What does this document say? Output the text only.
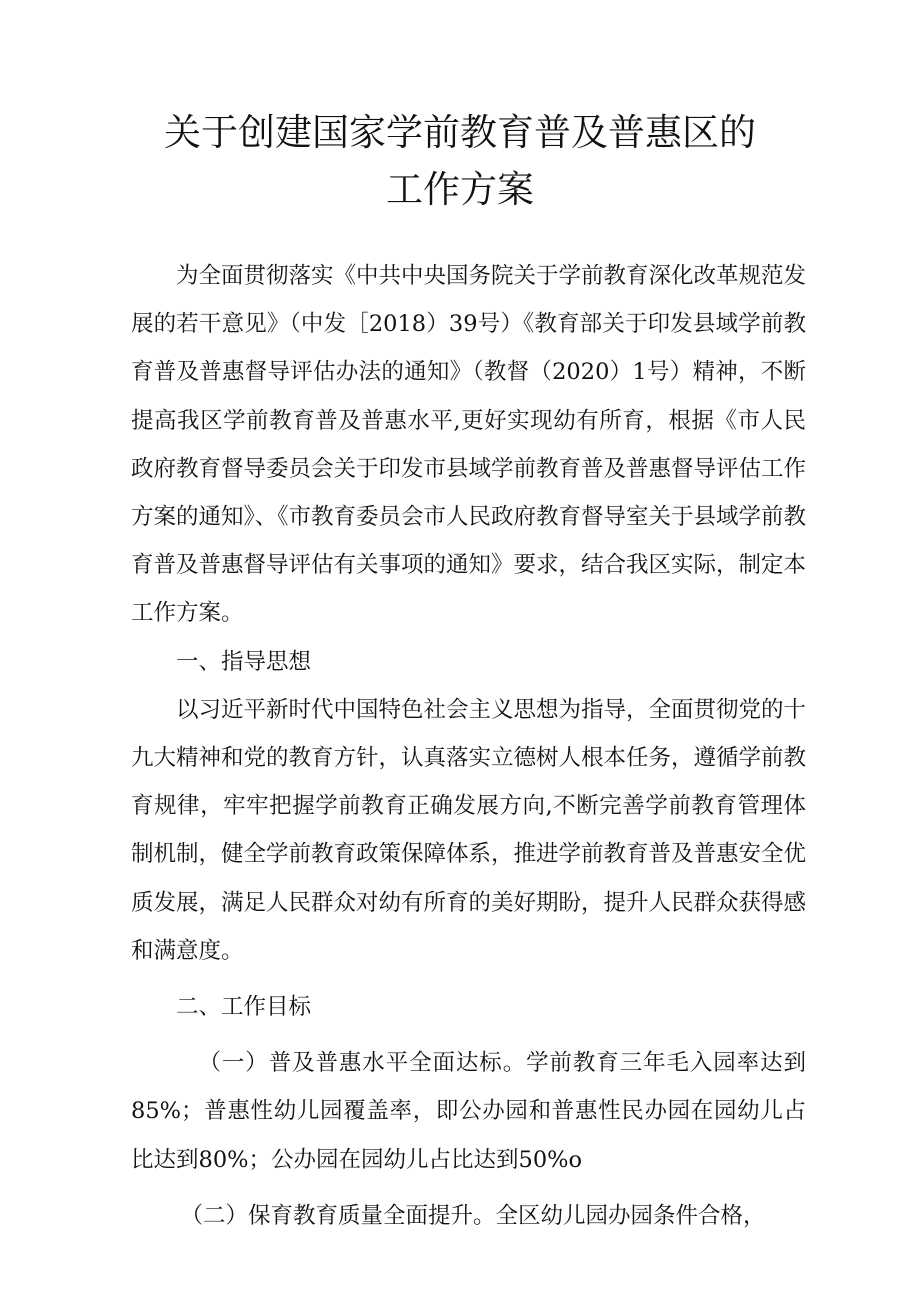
关于创建国家学前教育普及普惠区的
工作方案

为全面贯彻落实《中共中央国务院关于学前教育深化改革规范发展的若干意见》（中发［2018）39号）《教育部关于印发县域学前教育普及普惠督导评估办法的通知》（教督（2020）1号）精神，不断提高我区学前教育普及普惠水平,更好实现幼有所育，根据《市人民政府教育督导委员会关于印发市县域学前教育普及普惠督导评估工作方案的通知》、《市教育委员会市人民政府教育督导室关于县域学前教育普及普惠督导评估有关事项的通知》要求，结合我区实际，制定本工作方案。

一、指导思想

以习近平新时代中国特色社会主义思想为指导，全面贯彻党的十九大精神和党的教育方针，认真落实立德树人根本任务，遵循学前教育规律，牢牢把握学前教育正确发展方向,不断完善学前教育管理体制机制，健全学前教育政策保障体系，推进学前教育普及普惠安全优质发展，满足人民群众对幼有所育的美好期盼，提升人民群众获得感和满意度。

二、工作目标

（一）普及普惠水平全面达标。学前教育三年毛入园率达到85%；普惠性幼儿园覆盖率，即公办园和普惠性民办园在园幼儿占比达到80%；公办园在园幼儿占比达到50%o

（二）保育教育质量全面提升。全区幼儿园办园条件合格，
